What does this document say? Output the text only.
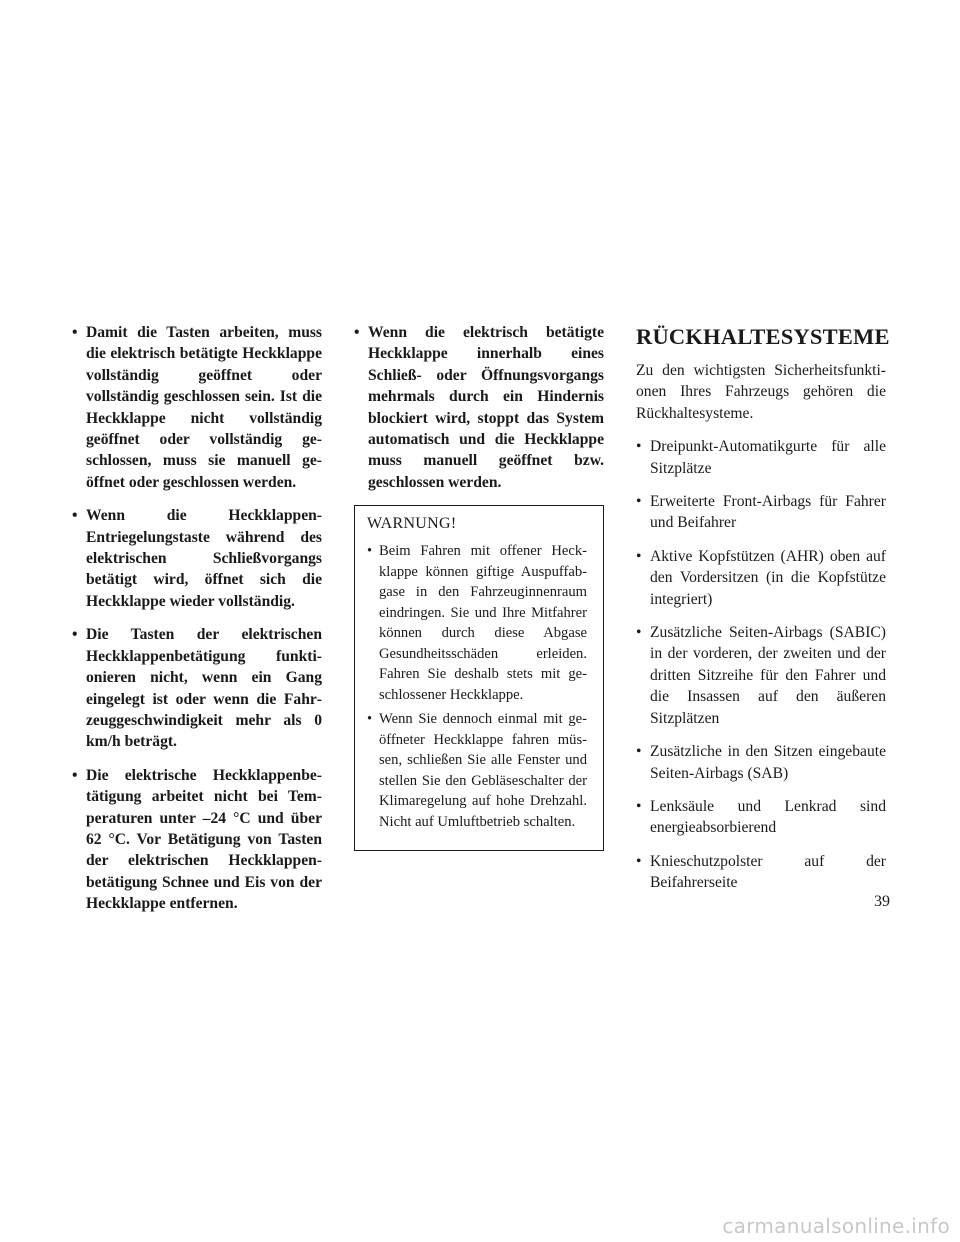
• Damit die Tasten arbeiten, muss die elektrisch betätigte Heckklappe vollständig geöffnet oder vollständig geschlossen sein. Ist die Heckklappe nicht vollständig geöffnet oder vollständig geschlossen, muss sie manuell geöffnet oder geschlossen werden.
• Wenn die HeckklappenEntriegelungstaste während des elektrischen Schließvorgangs betätigt wird, öffnet sich die Heckklappe wieder vollständig.
• Die Tasten der elektrischen Heckklappenbetätigung funktionieren nicht, wenn ein Gang eingelegt ist oder wenn die Fahrzeuggeschwindigkeit mehr als 0 km/h beträgt.
• Die elektrische Heckklappenbetätigung arbeitet nicht bei Temperaturen unter –24 °C und über 62 °C. Vor Betätigung von Tasten der elektrischen Heckklappenbetätigung Schnee und Eis von der Heckklappe entfernen.
• Wenn die elektrisch betätigte Heckklappe innerhalb eines Schließ- oder Öffnungsvorgangs mehrmals durch ein Hindernis blockiert wird, stoppt das System automatisch und die Heckklappe muss manuell geöffnet bzw. geschlossen werden.
WARNUNG!
• Beim Fahren mit offener Heckklappe können giftige Auspuffabgase in den Fahrzeuginnenraum eindringen. Sie und Ihre Mitfahrer können durch diese Abgase Gesundheitsschäden erleiden. Fahren Sie deshalb stets mit geschlossener Heckklappe.
• Wenn Sie dennoch einmal mit geöffneter Heckklappe fahren müssen, schließen Sie alle Fenster und stellen Sie den Gebläseschalter der Klimaregelung auf hohe Drehzahl. Nicht auf Umluftbetrieb schalten.
RÜCKHALTESYSTEME

Zu den wichtigsten Sicherheitsfunktionen Ihres Fahrzeugs gehören die Rückhaltesysteme.

• Dreipunkt-Automatikgurte für alle Sitzplätze
• Erweiterte Front-Airbags für Fahrer und Beifahrer
• Aktive Kopfstützen (AHR) oben auf den Vordersitzen (in die Kopfstütze integriert)
• Zusätzliche Seiten-Airbags (SABIC) in der vorderen, der zweiten und der dritten Sitzreihe für den Fahrer und die Insassen auf den äußeren Sitzplätzen
• Zusätzliche in den Sitzen eingebaute Seiten-Airbags (SAB)
• Lenksäule und Lenkrad sind energieabsorbierend
• Knieschutzpolster auf der Beifahrerseite
39
carmanualsonline.info
